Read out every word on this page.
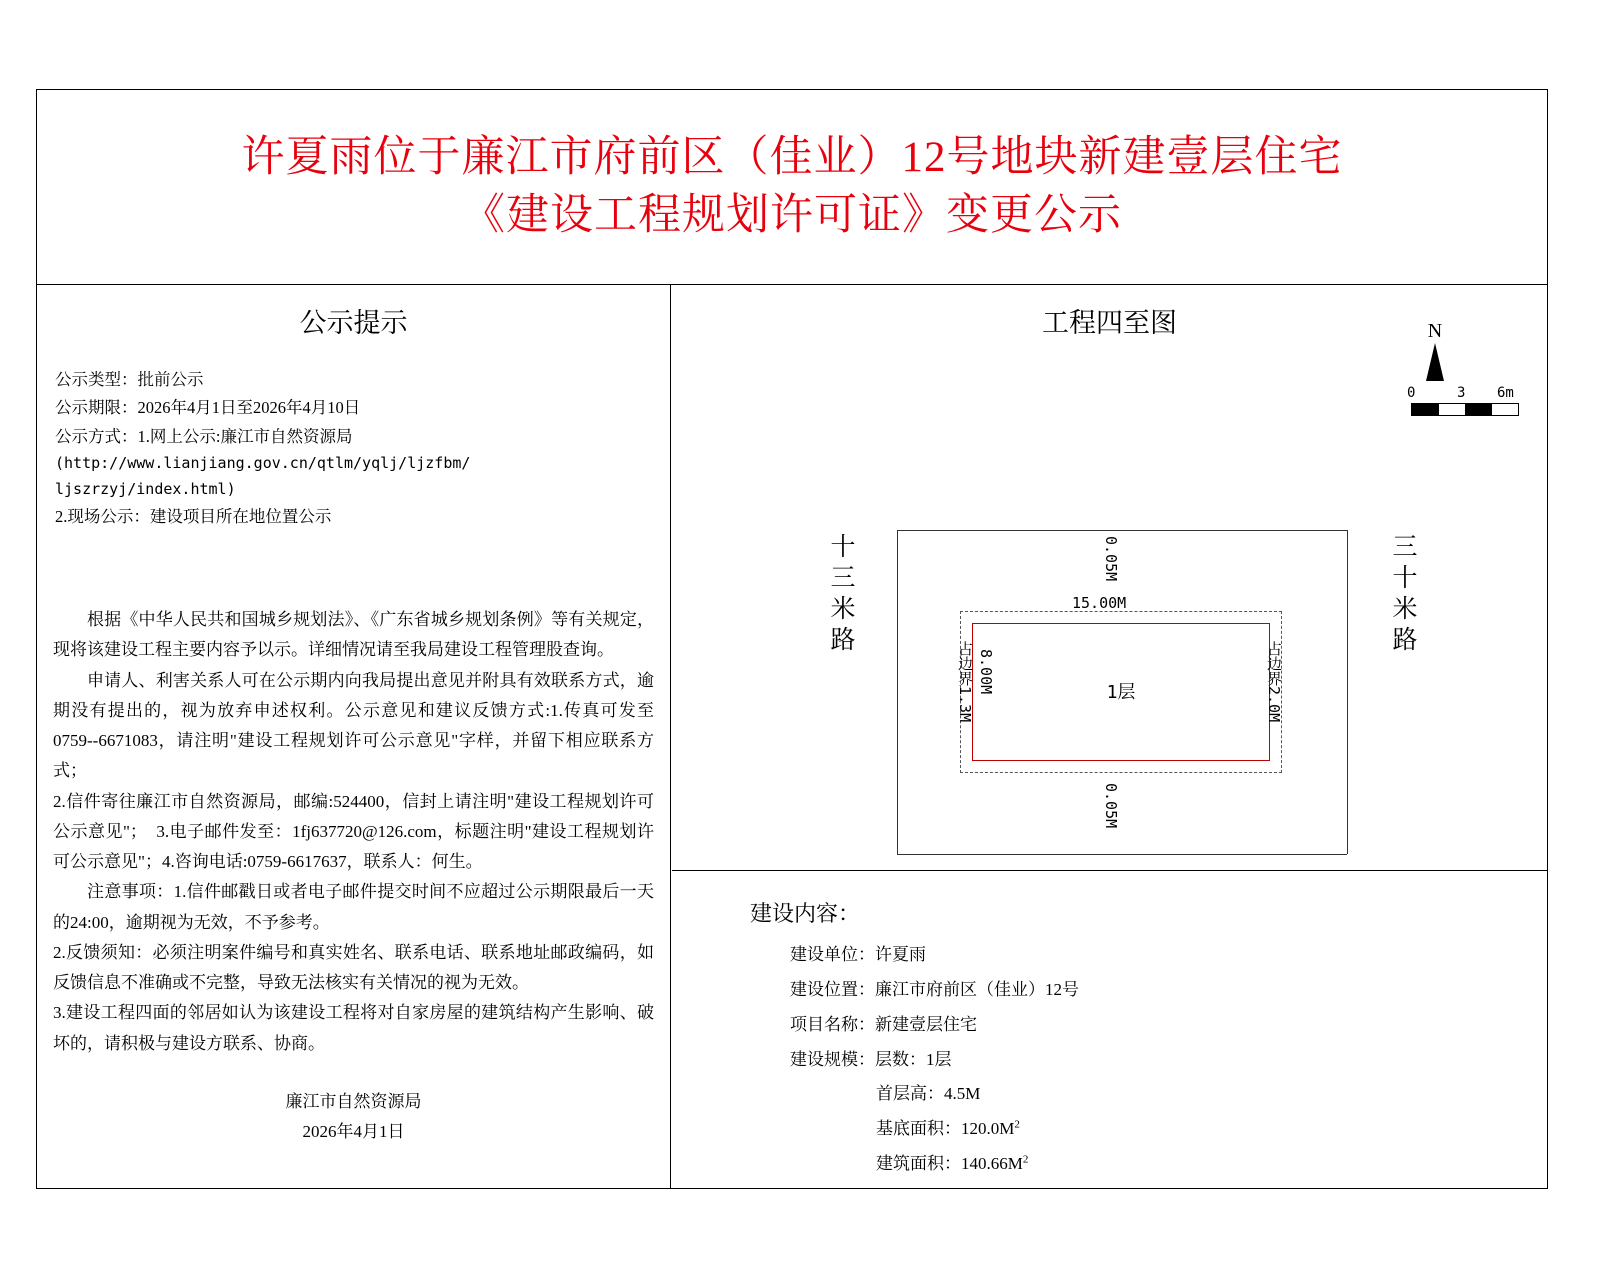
许夏雨位于廉江市府前区（佳业）12号地块新建壹层住宅
《建设工程规划许可证》变更公示
公示提示
公示类型：批前公示
公示期限：2026年4月1日至2026年4月10日
公示方式：1.网上公示:廉江市自然资源局
(http://www.lianjiang.gov.cn/qtlm/yqlj/ljzfbm/
ljszrzyj/index.html)
2.现场公示：建设项目所在地位置公示

根据《中华人民共和国城乡规划法》、《广东省城乡规划条例》等有关规定，现将该建设工程主要内容予以示。详细情况请至我局建设工程管理股查询。

申请人、利害关系人可在公示期内向我局提出意见并附具有效联系方式，逾期没有提出的，视为放弃申述权利。公示意见和建议反馈方式:1.传真可发至0759--6671083，请注明"建设工程规划许可公示意见"字样，并留下相应联系方式；

2.信件寄往廉江市自然资源局，邮编:524400，信封上请注明"建设工程规划许可公示意见"；　3.电子邮件发至：1fj637720@126.com，标题注明"建设工程规划许可公示意见"；4.咨询电话:0759-6617637，联系人：何生。

注意事项：1.信件邮戳日或者电子邮件提交时间不应超过公示期限最后一天的24:00，逾期视为无效，不予参考。

2.反馈须知：必须注明案件编号和真实姓名、联系电话、联系地址邮政编码，如反馈信息不准确或不完整，导致无法核实有关情况的视为无效。

3.建设工程四面的邻居如认为该建设工程将对自家房屋的建筑结构产生影响、破坏的，请积极与建设方联系、协商。

廉江市自然资源局
2026年4月1日
工程四至图	N
0	3 6m
1层
15.00M
0.05M
0.05M
8.00M
占边界1.3M	占边界2.0M
十三米路	三十米路
建设内容：
建设单位：许夏雨
建设位置：廉江市府前区（佳业）12号
项目名称：新建壹层住宅
建设规模：层数：1层
首层高：4.5M
基底面积：$120.0M^2$
建筑面积：$140.66M^2$
